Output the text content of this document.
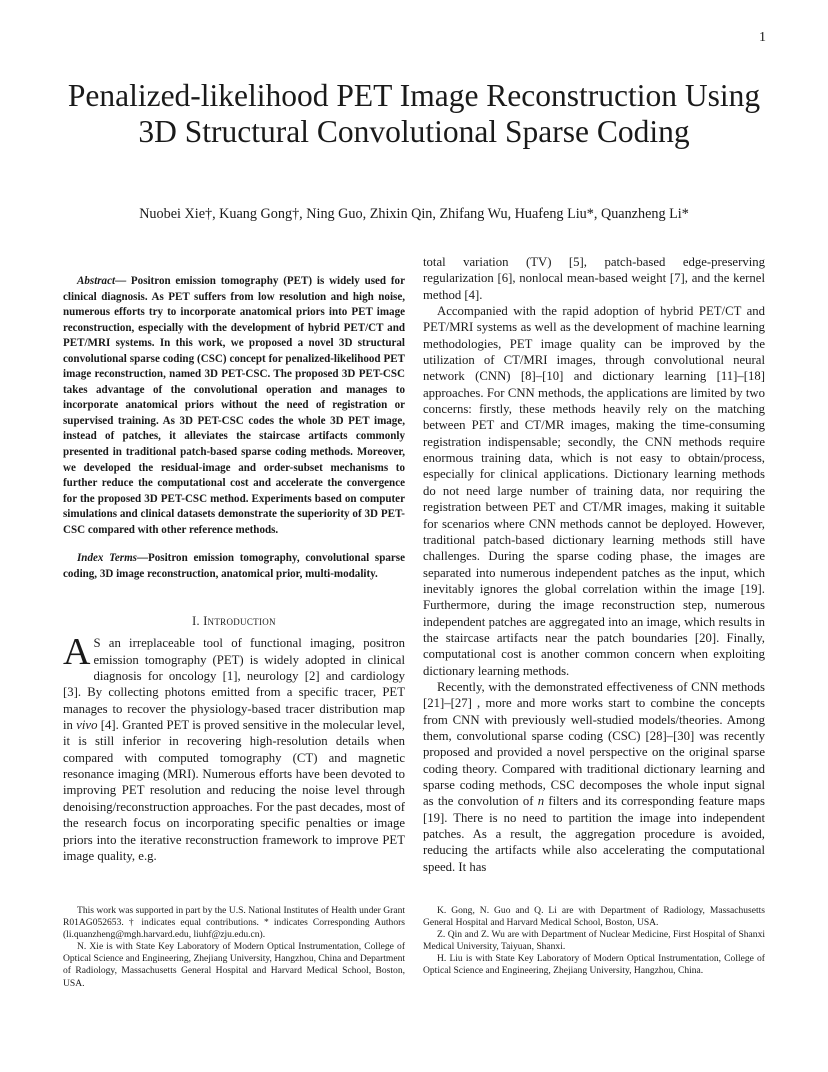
1
Penalized-likelihood PET Image Reconstruction Using 3D Structural Convolutional Sparse Coding
Nuobei Xie†, Kuang Gong†, Ning Guo, Zhixin Qin, Zhifang Wu, Huafeng Liu*, Quanzheng Li*

Abstract— Positron emission tomography (PET) is widely used for clinical diagnosis. As PET suffers from low resolution and high noise, numerous efforts try to incorporate anatomical priors into PET image reconstruction, especially with the development of hybrid PET/CT and PET/MRI systems. In this work, we proposed a novel 3D structural convolutional sparse coding (CSC) concept for penalized-likelihood PET image reconstruction, named 3D PET-CSC. The proposed 3D PET-CSC takes advantage of the convolutional operation and manages to incorporate anatomical priors without the need of registration or supervised training. As 3D PET-CSC codes the whole 3D PET image, instead of patches, it alleviates the staircase artifacts commonly presented in traditional patch-based sparse coding methods. Moreover, we developed the residual-image and order-subset mechanisms to further reduce the computational cost and accelerate the convergence for the proposed 3D PET-CSC method. Experiments based on computer simulations and clinical datasets demonstrate the superiority of 3D PET-CSC compared with other reference methods.

Index Terms—Positron emission tomography, convolutional sparse coding, 3D image reconstruction, anatomical prior, multi-modality.

I. Introduction

A S an irreplaceable tool of functional imaging, positron emission tomography (PET) is widely adopted in clinical diagnosis for oncology [1], neurology [2] and cardiology [3]. By collecting photons emitted from a specific tracer, PET manages to recover the physiology-based tracer distribution map in vivo [4]. Granted PET is proved sensitive in the molecular level, it is still inferior in recovering high-resolution details when compared with computed tomography (CT) and magnetic resonance imaging (MRI). Numerous efforts have been devoted to improving PET resolution and reducing the noise level through denoising/reconstruction approaches. For the past decades, most of the research focus on incorporating specific penalties or image priors into the iterative reconstruction framework to improve PET image quality, e.g.

total variation (TV) [5], patch-based edge-preserving regularization [6], nonlocal mean-based weight [7], and the kernel method [4].

Accompanied with the rapid adoption of hybrid PET/CT and PET/MRI systems as well as the development of machine learning methodologies, PET image quality can be improved by the utilization of CT/MRI images, through convolutional neural network (CNN) [8]–[10] and dictionary learning [11]–[18] approaches. For CNN methods, the applications are limited by two concerns: firstly, these methods heavily rely on the matching between PET and CT/MR images, making the time-consuming registration indispensable; secondly, the CNN methods require enormous training data, which is not easy to obtain/process, especially for clinical applications. Dictionary learning methods do not need large number of training data, nor requiring the registration between PET and CT/MR images, making it suitable for scenarios where CNN methods cannot be deployed. However, traditional patch-based dictionary learning methods still have challenges. During the sparse coding phase, the images are separated into numerous independent patches as the input, which inevitably ignores the global correlation within the image [19]. Furthermore, during the image reconstruction step, numerous independent patches are aggregated into an image, which results in the staircase artifacts near the patch boundaries [20]. Finally, computational cost is another common concern when exploiting dictionary learning methods.

Recently, with the demonstrated effectiveness of CNN methods [21]–[27] , more and more works start to combine the concepts from CNN with previously well-studied models/theories. Among them, convolutional sparse coding (CSC) [28]–[30] was recently proposed and provided a novel perspective on the original sparse coding theory. Compared with traditional dictionary learning and sparse coding methods, CSC decomposes the whole input signal as the convolution of n filters and its corresponding feature maps [19]. There is no need to partition the image into independent patches. As a result, the aggregation procedure is avoided, reducing the artifacts while also accelerating the computational speed. It has

This work was supported in part by the U.S. National Institutes of Health under Grant R01AG052653. † indicates equal contributions. * indicates Corresponding Authors (li.quanzheng@mgh.harvard.edu, liuhf@zju.edu.cn).

N. Xie is with State Key Laboratory of Modern Optical Instrumentation, College of Optical Science and Engineering, Zhejiang University, Hangzhou, China and Department of Radiology, Massachusetts General Hospital and Harvard Medical School, Boston, USA.

K. Gong, N. Guo and Q. Li are with Department of Radiology, Massachusetts General Hospital and Harvard Medical School, Boston, USA.

Z. Qin and Z. Wu are with Department of Nuclear Medicine, First Hospital of Shanxi Medical University, Taiyuan, Shanxi.

H. Liu is with State Key Laboratory of Modern Optical Instrumentation, College of Optical Science and Engineering, Zhejiang University, Hangzhou, China.
